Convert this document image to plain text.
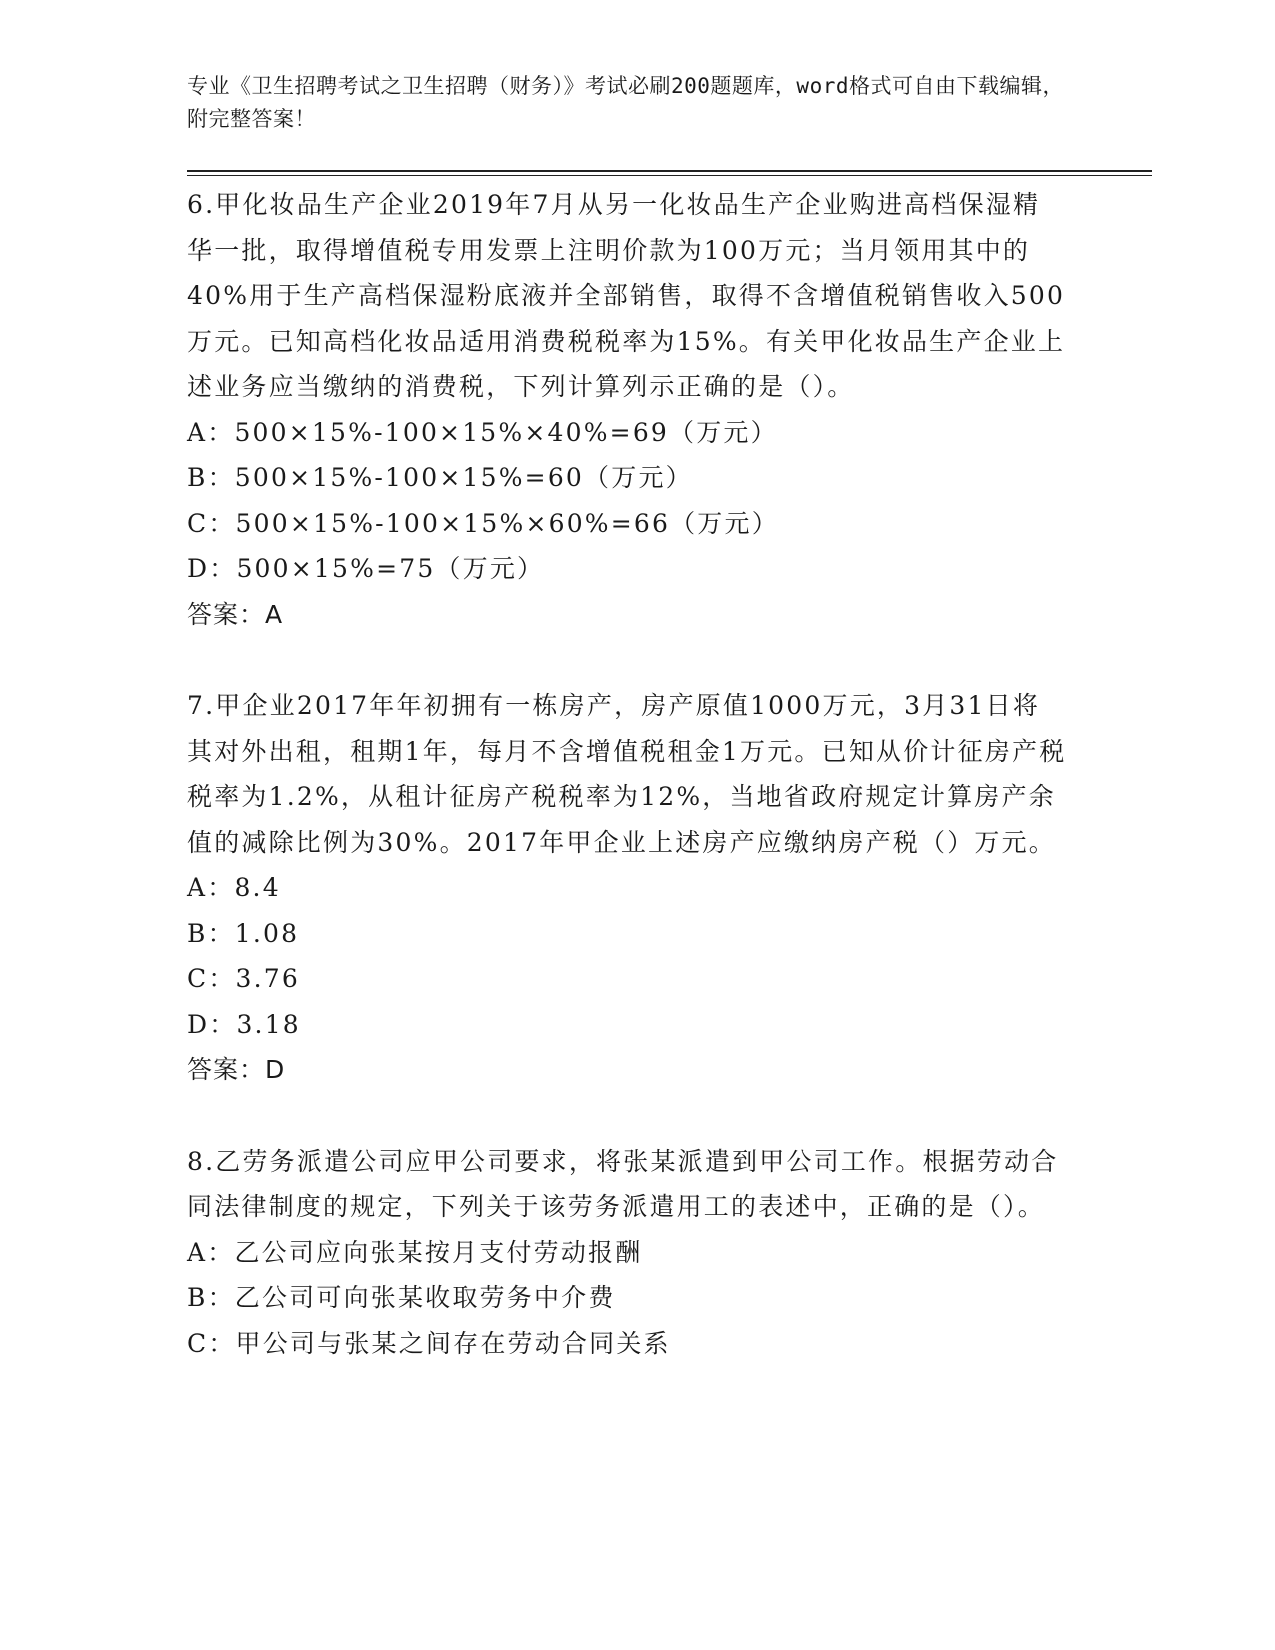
专业《卫生招聘考试之卫生招聘（财务）》考试必刷200题题库，word格式可自由下载编辑，附完整答案！

6.甲化妆品生产企业2019年7月从另一化妆品生产企业购进高档保湿精华一批，取得增值税专用发票上注明价款为100万元；当月领用其中的40%用于生产高档保湿粉底液并全部销售，取得不含增值税销售收入500万元。已知高档化妆品适用消费税税率为15%。有关甲化妆品生产企业上述业务应当缴纳的消费税，下列计算列示正确的是（）。

A：500×15%-100×15%×40%=69（万元）

B：500×15%-100×15%=60（万元）

C：500×15%-100×15%×60%=66（万元）

D：500×15%=75（万元）

答案：A

7.甲企业2017年年初拥有一栋房产，房产原值1000万元，3月31日将其对外出租，租期1年，每月不含增值税租金1万元。已知从价计征房产税税率为1.2%，从租计征房产税税率为12%，当地省政府规定计算房产余值的减除比例为30%。2017年甲企业上述房产应缴纳房产税（）万元。

A：8.4

B：1.08

C：3.76

D：3.18

答案：D

8.乙劳务派遣公司应甲公司要求，将张某派遣到甲公司工作。根据劳动合同法律制度的规定，下列关于该劳务派遣用工的表述中，正确的是（）。

A：乙公司应向张某按月支付劳动报酬

B：乙公司可向张某收取劳务中介费

C：甲公司与张某之间存在劳动合同关系
